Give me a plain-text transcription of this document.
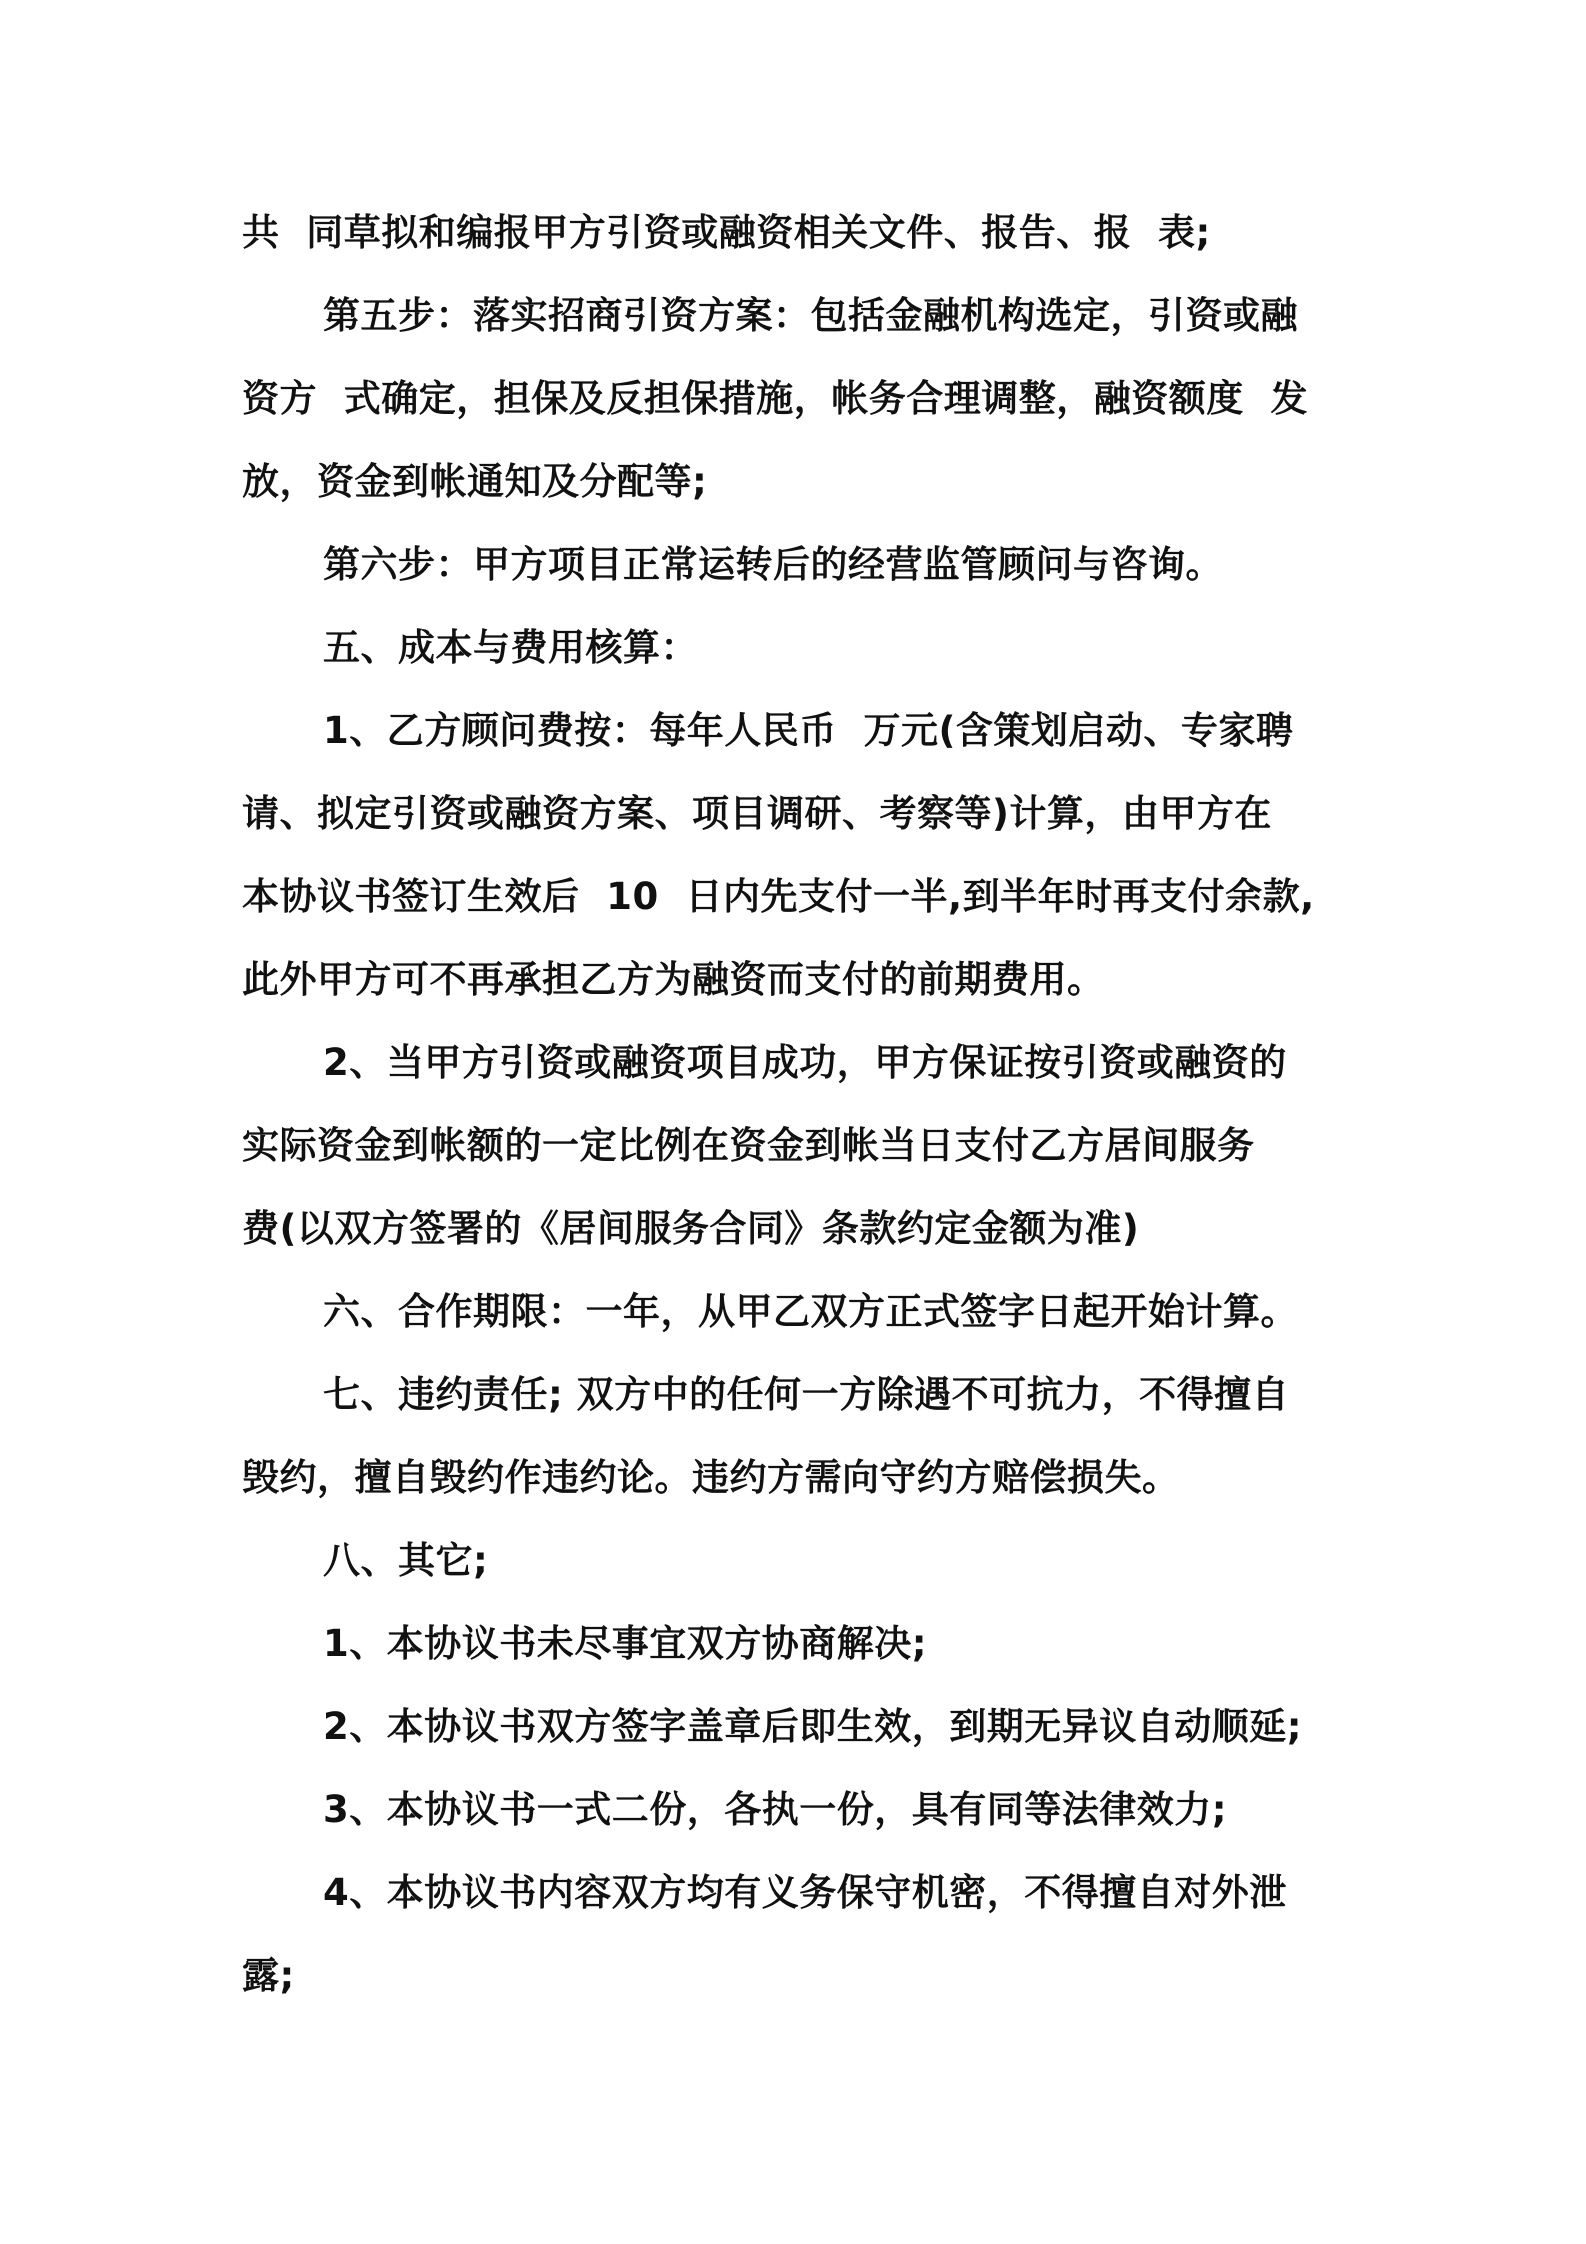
共  同草拟和编报甲方引资或融资相关文件、报告、报  表;
第五步：落实招商引资方案：包括金融机构选定，引资或融
资方  式确定，担保及反担保措施，帐务合理调整，融资额度  发
放，资金到帐通知及分配等;
第六步：甲方项目正常运转后的经营监管顾问与咨询。
五、成本与费用核算：
1、乙方顾问费按：每年人民币  万元(含策划启动、专家聘
请、拟定引资或融资方案、项目调研、考察等)计算，由甲方在
本协议书签订生效后  10  日内先支付一半,到半年时再支付余款,
此外甲方可不再承担乙方为融资而支付的前期费用。
2、当甲方引资或融资项目成功，甲方保证按引资或融资的
实际资金到帐额的一定比例在资金到帐当日支付乙方居间服务
费(以双方签署的《居间服务合同》条款约定金额为准)
六、合作期限：一年，从甲乙双方正式签字日起开始计算。
七、违约责任; 双方中的任何一方除遇不可抗力，不得擅自
毁约，擅自毁约作违约论。违约方需向守约方赔偿损失。
八、其它;
1、本协议书未尽事宜双方协商解决;
2、本协议书双方签字盖章后即生效，到期无异议自动顺延;
3、本协议书一式二份，各执一份，具有同等法律效力;
4、本协议书内容双方均有义务保守机密，不得擅自对外泄
露;
